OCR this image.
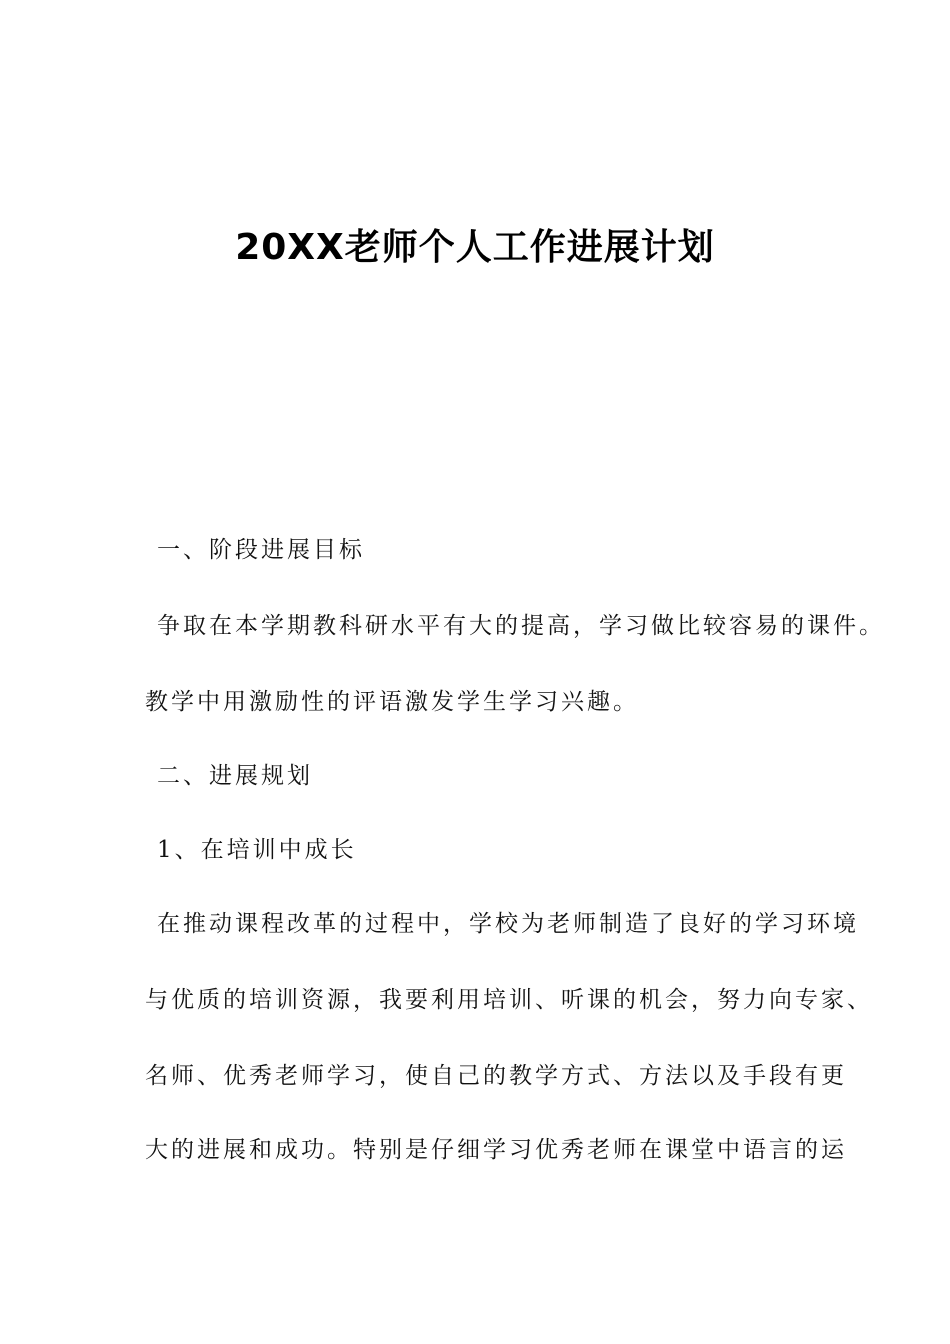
20XX老师个人工作进展计划
一、阶段进展目标
争取在本学期教科研水平有大的提高，学习做比较容易的课件。
教学中用激励性的评语激发学生学习兴趣。
二、进展规划
1、在培训中成长
在推动课程改革的过程中，学校为老师制造了良好的学习环境
与优质的培训资源，我要利用培训、听课的机会，努力向专家、
名师、优秀老师学习，使自己的教学方式、方法以及手段有更
大的进展和成功。特别是仔细学习优秀老师在课堂中语言的运
